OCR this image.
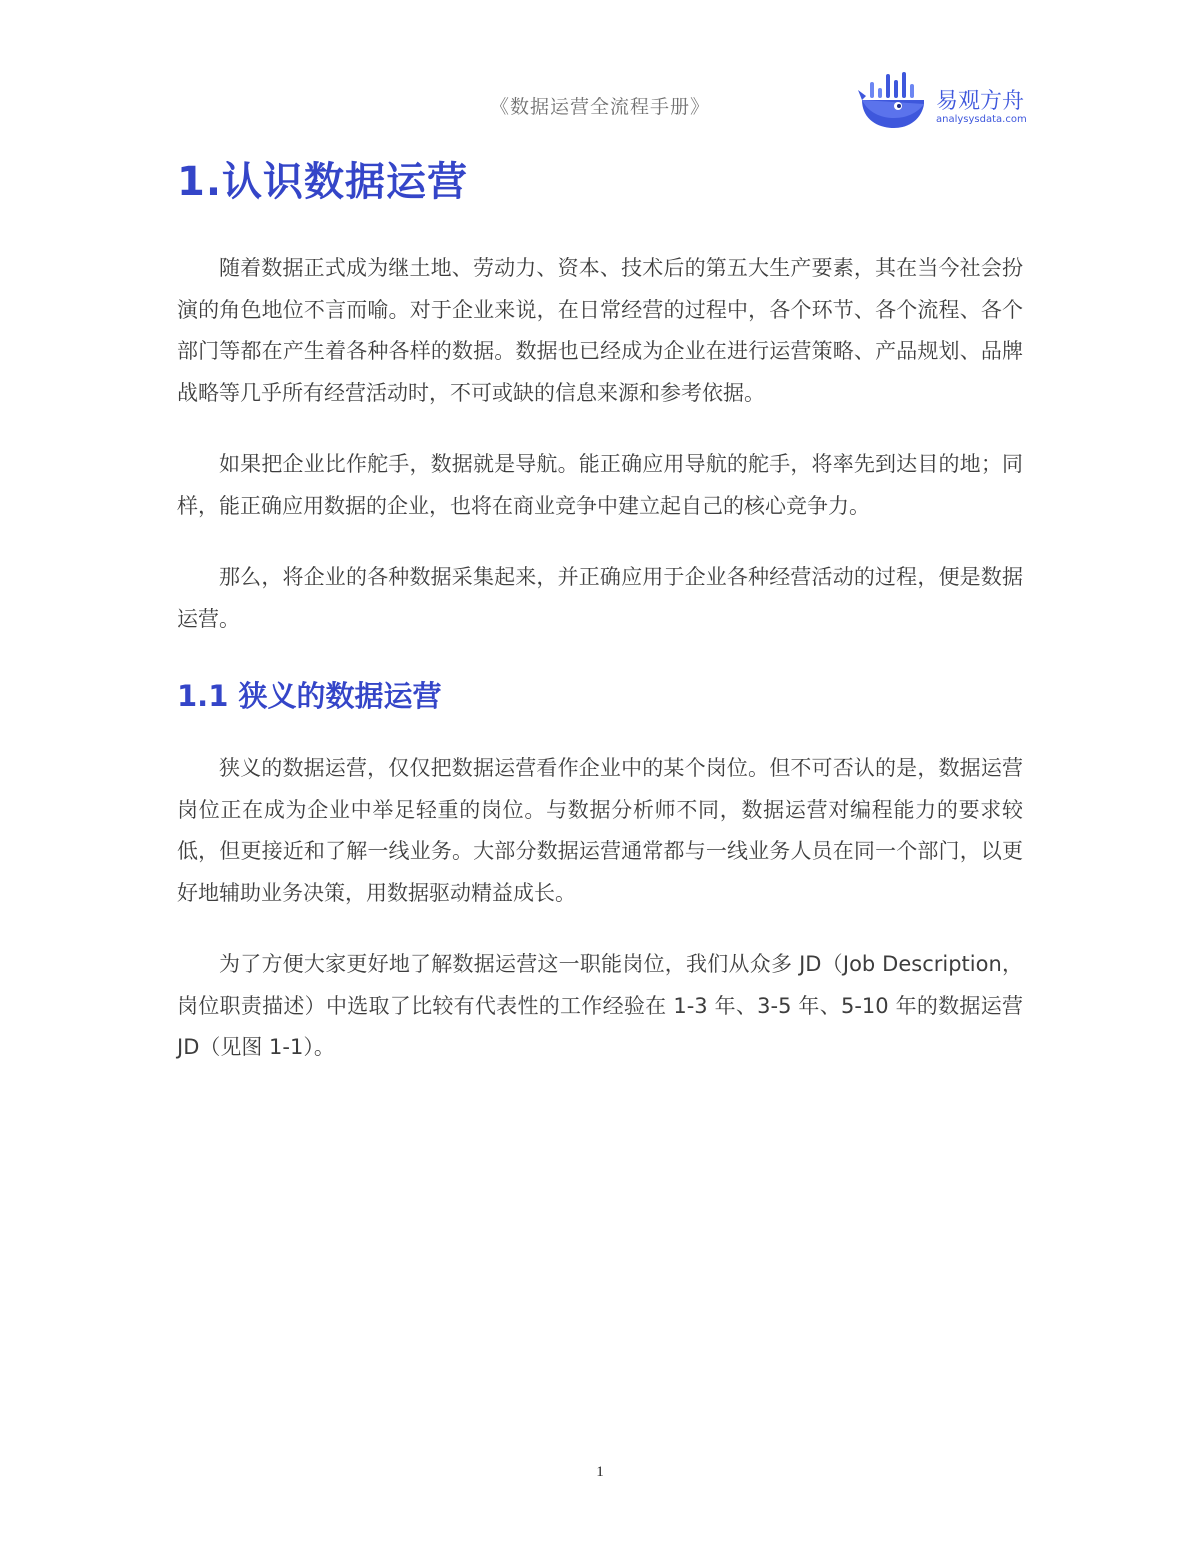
《数据运营全流程手册》	易观方舟
analysysdata.com
1.认识数据运营

随着数据正式成为继土地、劳动力、资本、技术后的第五大生产要素，其在当今社会扮演的角色地位不言而喻。对于企业来说，在日常经营的过程中，各个环节、各个流程、各个部门等都在产生着各种各样的数据。数据也已经成为企业在进行运营策略、产品规划、品牌战略等几乎所有经营活动时，不可或缺的信息来源和参考依据。

如果把企业比作舵手，数据就是导航。能正确应用导航的舵手，将率先到达目的地；同样，能正确应用数据的企业，也将在商业竞争中建立起自己的核心竞争力。

那么，将企业的各种数据采集起来，并正确应用于企业各种经营活动的过程，便是数据运营。

1.1 狭义的数据运营

狭义的数据运营，仅仅把数据运营看作企业中的某个岗位。但不可否认的是，数据运营岗位正在成为企业中举足轻重的岗位。与数据分析师不同，数据运营对编程能力的要求较低，但更接近和了解一线业务。大部分数据运营通常都与一线业务人员在同一个部门，以更好地辅助业务决策，用数据驱动精益成长。

为了方便大家更好地了解数据运营这一职能岗位，我们从众多 JD（Job Description，岗位职责描述）中选取了比较有代表性的工作经验在 1-3 年、3-5 年、5-10 年的数据运营 JD（见图 1-1）。

1
